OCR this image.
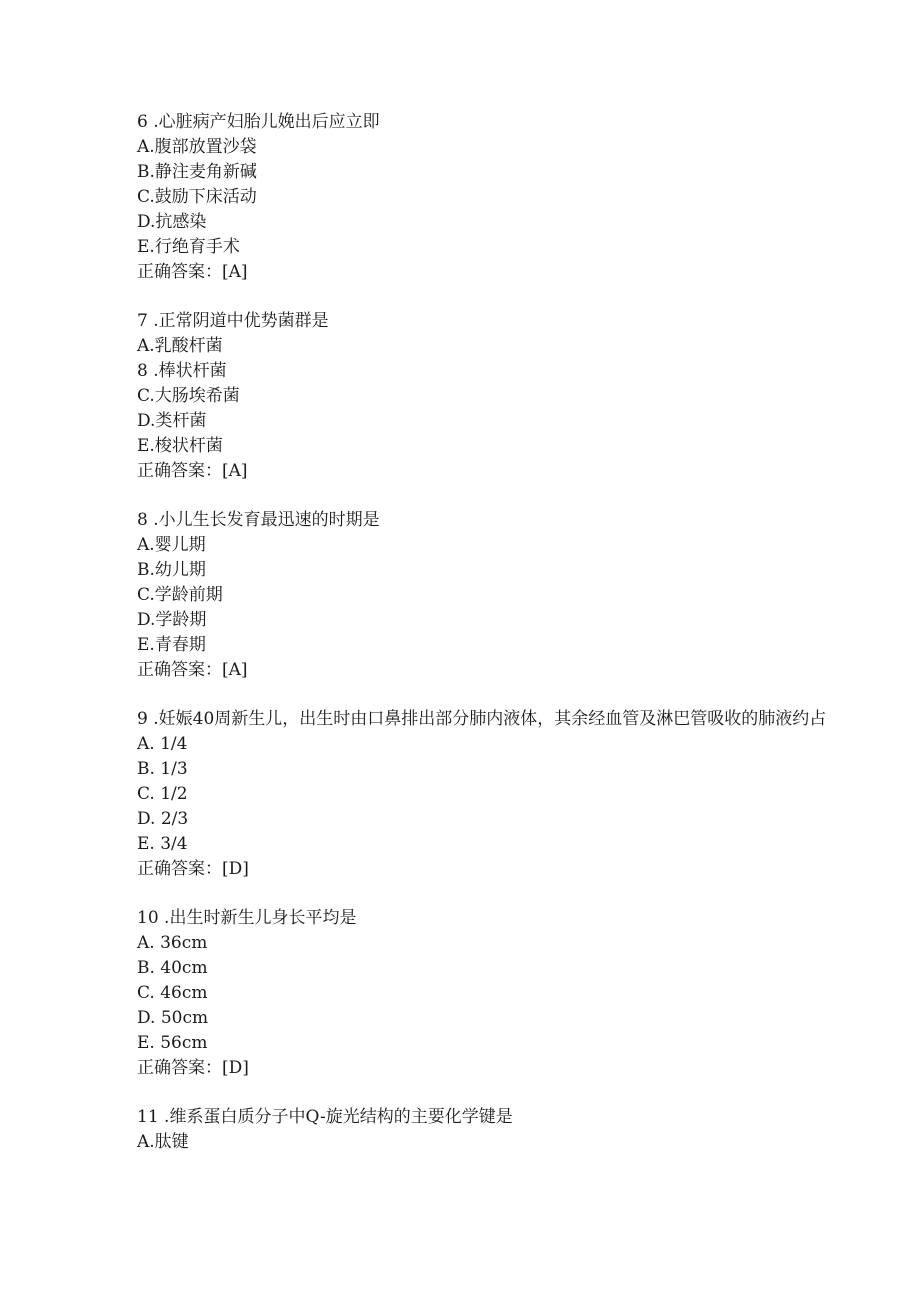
6 .心脏病产妇胎儿娩出后应立即
A.腹部放置沙袋
B.静注麦角新碱
C.鼓励下床活动
D.抗感染
E.行绝育手术
正确答案：[A]
7 .正常阴道中优势菌群是
A.乳酸杆菌
8 .棒状杆菌
C.大肠埃希菌
D.类杆菌
E.梭状杆菌
正确答案：[A]
8 .小儿生长发育最迅速的时期是
A.婴儿期
B.幼儿期
C.学龄前期
D.学龄期
E.青春期
正确答案：[A]
9 .妊娠40周新生儿，出生时由口鼻排出部分肺内液体，其余经血管及淋巴管吸收的肺液约占
A. 1/4
B. 1/3
C. 1/2
D. 2/3
E. 3/4
正确答案：[D]
10 .出生时新生儿身长平均是
A. 36cm
B. 40cm
C. 46cm
D. 50cm
E. 56cm
正确答案：[D]
11 .维系蛋白质分子中Q-旋光结构的主要化学键是
A.肽键
